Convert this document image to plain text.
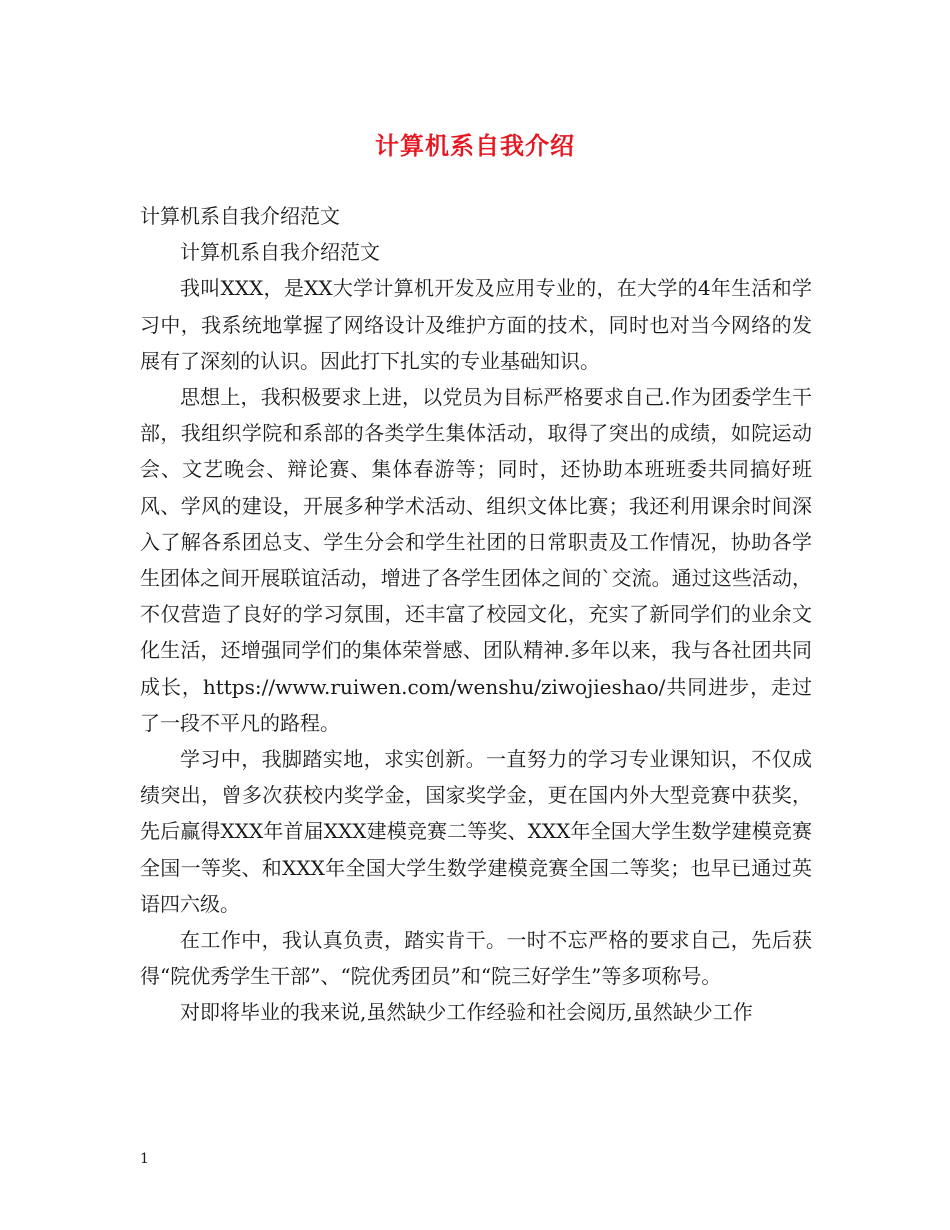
计算机系自我介绍

计算机系自我介绍范文

计算机系自我介绍范文

我叫XXX，是XX大学计算机开发及应用专业的，在大学的4年生活和学习中，我系统地掌握了网络设计及维护方面的技术，同时也对当今网络的发展有了深刻的认识。因此打下扎实的专业基础知识。

思想上，我积极要求上进，以党员为目标严格要求自己.作为团委学生干部，我组织学院和系部的各类学生集体活动，取得了突出的成绩，如院运动会、文艺晚会、辩论赛、集体春游等；同时，还协助本班班委共同搞好班风、学风的建设，开展多种学术活动、组织文体比赛；我还利用课余时间深入了解各系团总支、学生分会和学生社团的日常职责及工作情况，协助各学生团体之间开展联谊活动，增进了各学生团体之间的`交流。通过这些活动，不仅营造了良好的学习氛围，还丰富了校园文化，充实了新同学们的业余文化生活，还增强同学们的集体荣誉感、团队精神.多年以来，我与各社团共同成长，https://www.ruiwen.com/wenshu/ziwojieshao/共同进步，走过了一段不平凡的路程。

学习中，我脚踏实地，求实创新。一直努力的学习专业课知识，不仅成绩突出，曾多次获校内奖学金，国家奖学金，更在国内外大型竞赛中获奖，先后赢得XXX年首届XXX建模竞赛二等奖、XXX年全国大学生数学建模竞赛全国一等奖、和XXX年全国大学生数学建模竞赛全国二等奖；也早已通过英语四六级。

在工作中，我认真负责，踏实肯干。一时不忘严格的要求自己，先后获得“院优秀学生干部”、“院优秀团员”和“院三好学生”等多项称号。

对即将毕业的我来说,虽然缺少工作经验和社会阅历,虽然缺少工作

1
